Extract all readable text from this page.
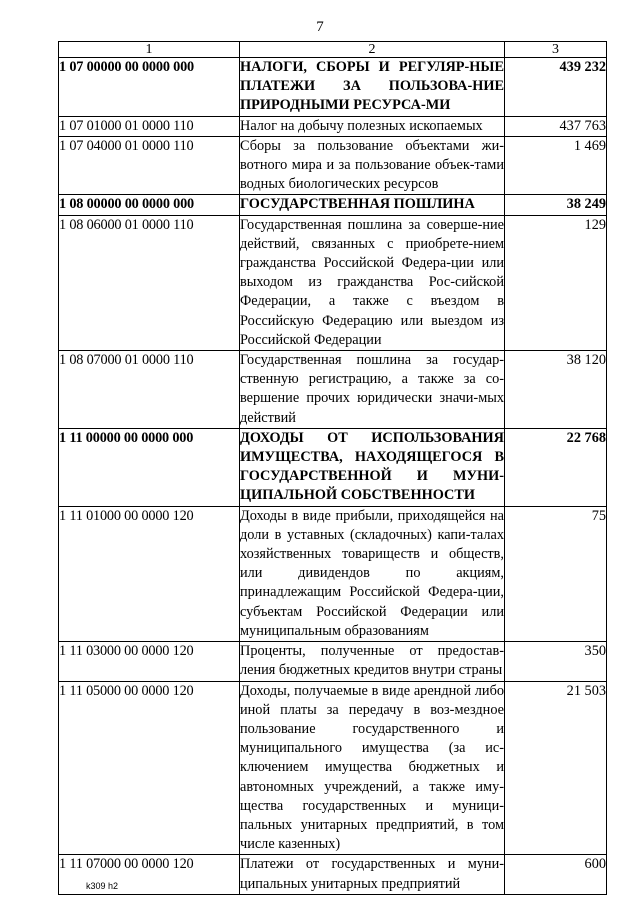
7
1	2	3
1 07 00000 00 0000 000	НАЛОГИ, СБОРЫ И РЕГУЛЯР-НЫЕ ПЛАТЕЖИ ЗА ПОЛЬЗОВА-НИЕ ПРИРОДНЫМИ РЕСУРСА-МИ	439 232
1 07 01000 01 0000 110	Налог на добычу полезных ископаемых	437 763
1 07 04000 01 0000 110	Сборы за пользование объектами жи-вотного мира и за пользование объек-тами водных биологических ресурсов	1 469
1 08 00000 00 0000 000	ГОСУДАРСТВЕННАЯ ПОШЛИНА	38 249
1 08 06000 01 0000 110	Государственная пошлина за соверше-ние действий, связанных с приобрете-нием гражданства Российской Федера-ции или выходом из гражданства Рос-сийской Федерации, а также с въездом в Российскую Федерацию или выездом из Российской Федерации	129
1 08 07000 01 0000 110	Государственная пошлина за государ-ственную регистрацию, а также за со-вершение прочих юридически значи-мых действий	38 120
1 11 00000 00 0000 000	ДОХОДЫ ОТ ИСПОЛЬЗОВАНИЯ ИМУЩЕСТВА, НАХОДЯЩЕГОСЯ В ГОСУДАРСТВЕННОЙ И МУНИ-ЦИПАЛЬНОЙ СОБСТВЕННОСТИ	22 768
1 11 01000 00 0000 120	Доходы в виде прибыли, приходящейся на доли в уставных (складочных) капи-талах хозяйственных товариществ и обществ, или дивидендов по акциям, принадлежащим Российской Федера-ции, субъектам Российской Федерации или муниципальным образованиям	75
1 11 03000 00 0000 120	Проценты, полученные от предостав-ления бюджетных кредитов внутри страны	350
1 11 05000 00 0000 120	Доходы, получаемые в виде арендной либо иной платы за передачу в воз-мездное пользование государственного и муниципального имущества (за ис-ключением имущества бюджетных и автономных учреждений, а также иму-щества государственных и муници-пальных унитарных предприятий, в том числе казенных)	21 503
1 11 07000 00 0000 120	Платежи от государственных и муни-ципальных унитарных предприятий	600
k309 h2
